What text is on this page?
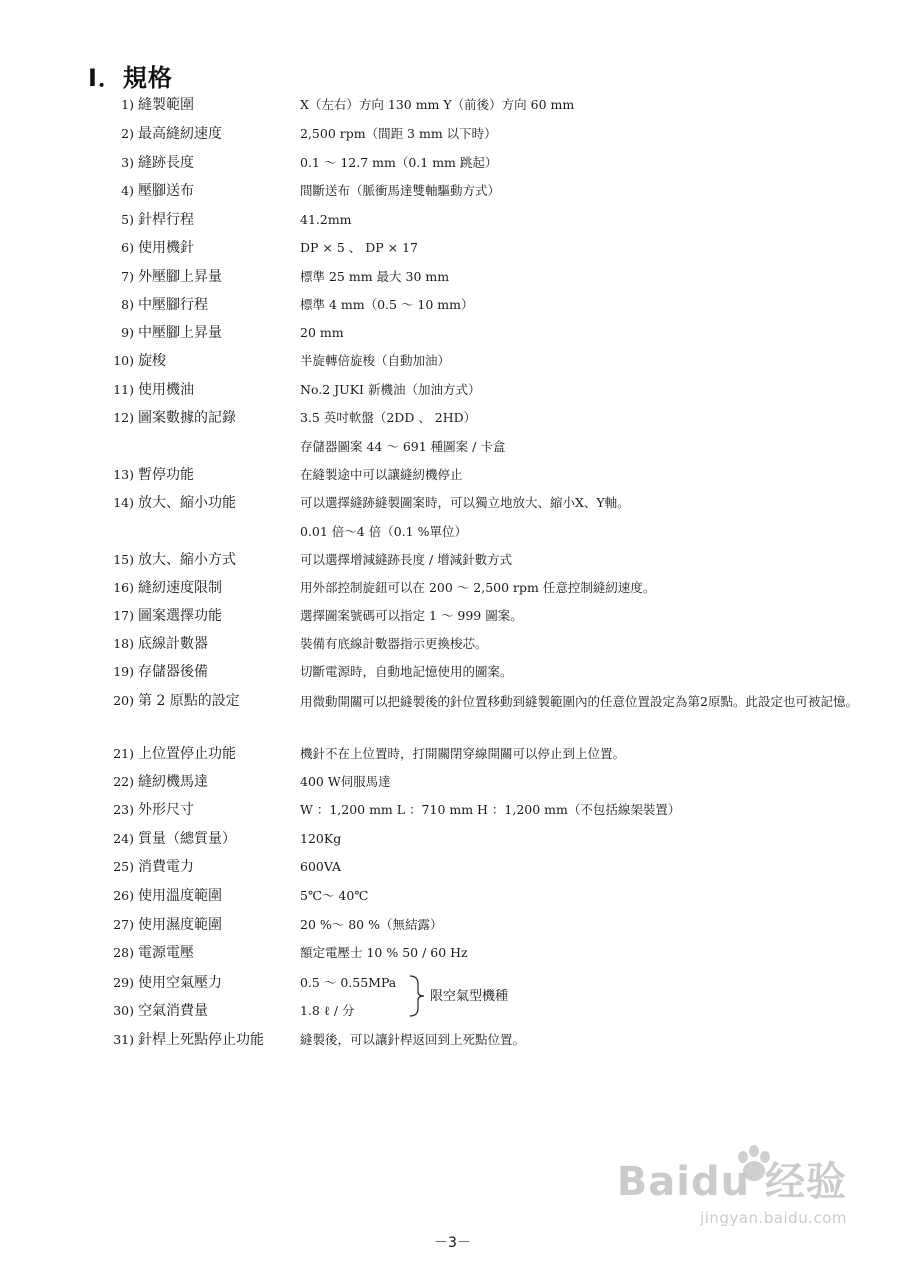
I．規格
1) 縫製範圍	X（左右）方向 130 mm Y（前後）方向 60 mm
2) 最高縫紉速度	2,500 rpm（間距 3 mm 以下時）
3) 縫跡長度	0.1 ～ 12.7 mm（0.1 mm 跳起）
4) 壓腳送布	間斷送布（脈衝馬達雙軸驅動方式）
5) 針桿行程	41.2mm
6) 使用機針	DP × 5 、 DP × 17
7) 外壓腳上昇量	標準 25 mm 最大 30 mm
8) 中壓腳行程	標準 4 mm（0.5 ～ 10 mm）
9) 中壓腳上昇量	20 mm
10) 旋梭	半旋轉倍旋梭（自動加油）
11) 使用機油	No.2 JUKI 新機油（加油方式）
12) 圖案數據的記錄	3.5 英吋軟盤（2DD 、 2HD）
存儲器圖案 44 ～ 691 種圖案 / 卡盒
13) 暫停功能	在縫製途中可以讓縫紉機停止
14) 放大、縮小功能	可以選擇縫跡縫製圖案時，可以獨立地放大、縮小X、Y軸。
0.01 倍～4 倍（0.1 %單位）
15) 放大、縮小方式	可以選擇增減縫跡長度 / 增減針數方式
16) 縫紉速度限制	用外部控制旋鈕可以在 200 ～ 2,500 rpm 任意控制縫紉速度。
17) 圖案選擇功能	選擇圖案號碼可以指定 1 ～ 999 圖案。
18) 底線計數器	裝備有底線計數器指示更換梭芯。
19) 存儲器後備	切斷電源時，自動地記憶使用的圖案。
20) 第 2 原點的設定	用微動開關可以把縫製後的針位置移動到縫製範圍內的任意位置設定為第2原點。此設定也可被記憶。
21) 上位置停止功能	機針不在上位置時，打開關閉穿線開關可以停止到上位置。
22) 縫紉機馬達	400 W伺服馬達
23) 外形尺寸	W ：1,200 mm L ：710 mm H ：1,200 mm（不包括線架裝置）
24) 質量（總質量）	120Kg
25) 消費電力	600VA
26) 使用溫度範圍	5℃～ 40℃
27) 使用濕度範圍	20 %～ 80 %（無結露）
28) 電源電壓	額定電壓士 10 % 50 / 60 Hz
29) 使用空氣壓力	0.5 ～ 0.55MPa
30) 空氣消費量	1.8 ℓ / 分
31) 針桿上死點停止功能	縫製後，可以讓針桿返回到上死點位置。
限空氣型機種
－3－
Baidu 经验
jingyan.baidu.com
